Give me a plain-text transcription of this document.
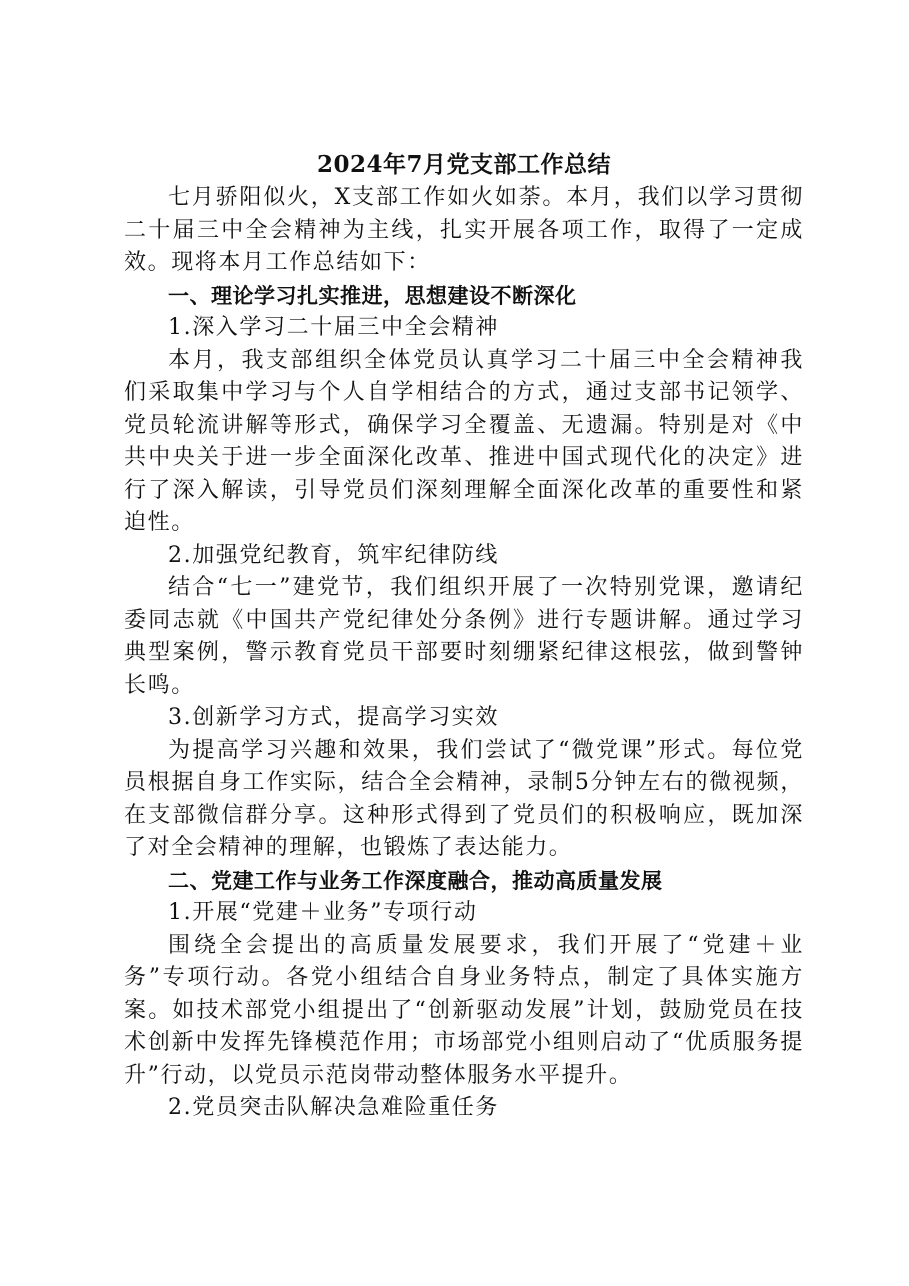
2024年7月党支部工作总结

七月骄阳似火，X支部工作如火如荼。本月，我们以学习贯彻二十届三中全会精神为主线，扎实开展各项工作，取得了一定成效。现将本月工作总结如下：

一、理论学习扎实推进，思想建设不断深化

1.深入学习二十届三中全会精神

本月，我支部组织全体党员认真学习二十届三中全会精神我们采取集中学习与个人自学相结合的方式，通过支部书记领学、党员轮流讲解等形式，确保学习全覆盖、无遗漏。特别是对《中共中央关于进一步全面深化改革、推进中国式现代化的决定》进行了深入解读，引导党员们深刻理解全面深化改革的重要性和紧迫性。

2.加强党纪教育，筑牢纪律防线

结合“七一”建党节，我们组织开展了一次特别党课，邀请纪委同志就《中国共产党纪律处分条例》进行专题讲解。通过学习典型案例，警示教育党员干部要时刻绷紧纪律这根弦，做到警钟长鸣。

3.创新学习方式，提高学习实效

为提高学习兴趣和效果，我们尝试了“微党课”形式。每位党员根据自身工作实际，结合全会精神，录制5分钟左右的微视频，在支部微信群分享。这种形式得到了党员们的积极响应，既加深了对全会精神的理解，也锻炼了表达能力。

二、党建工作与业务工作深度融合，推动高质量发展

1.开展“党建＋业务”专项行动

围绕全会提出的高质量发展要求，我们开展了“党建＋业务”专项行动。各党小组结合自身业务特点，制定了具体实施方案。如技术部党小组提出了“创新驱动发展”计划，鼓励党员在技术创新中发挥先锋模范作用；市场部党小组则启动了“优质服务提升”行动，以党员示范岗带动整体服务水平提升。

2.党员突击队解决急难险重任务
